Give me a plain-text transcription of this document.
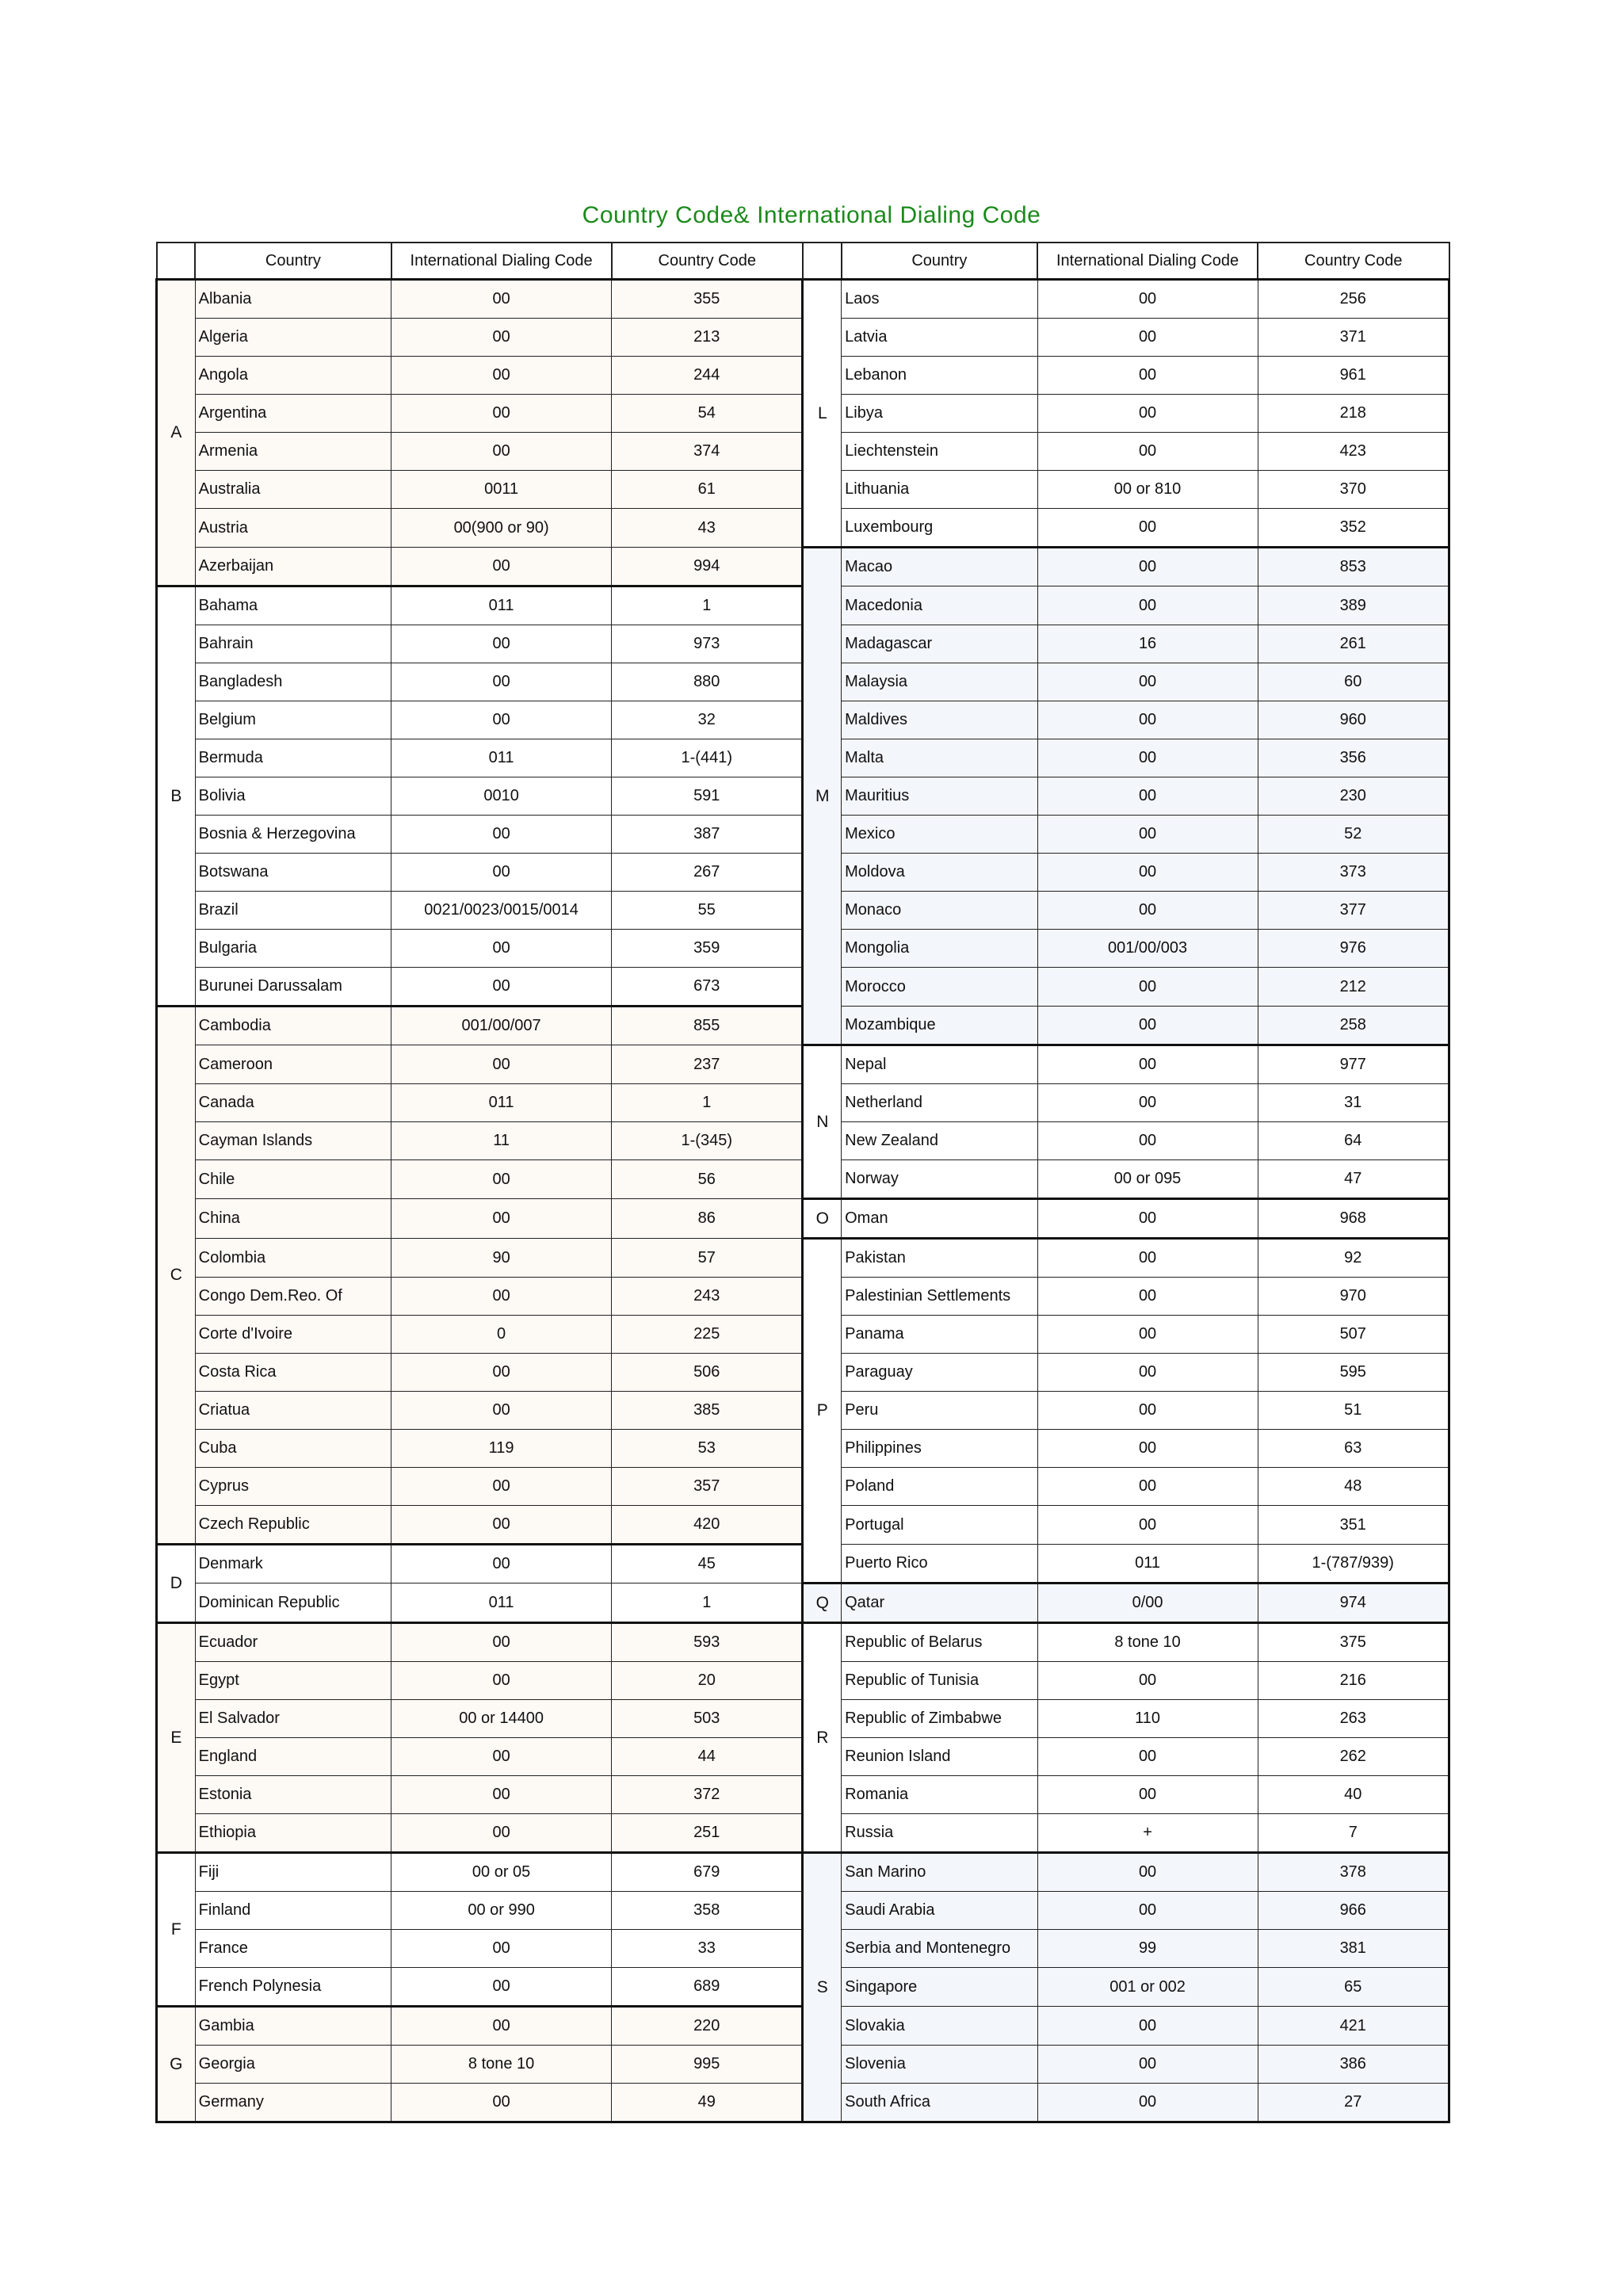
Country Code& International Dialing Code
	Country	International Dialing Code	Country Code		Country	International Dialing Code	Country Code
A	Albania	00	355	L	Laos	00	256
	Algeria	00	213		Latvia	00	371
	Angola	00	244		Lebanon	00	961
	Argentina	00	54		Libya	00	218
	Armenia	00	374		Liechtenstein	00	423
	Australia	0011	61		Lithuania	00 or 810	370
	Austria	00(900 or 90)	43		Luxembourg	00	352
	Azerbaijan	00	994	M	Macao	00	853
B	Bahama	011	1		Macedonia	00	389
	Bahrain	00	973		Madagascar	16	261
	Bangladesh	00	880		Malaysia	00	60
	Belgium	00	32		Maldives	00	960
	Bermuda	011	1-(441)		Malta	00	356
	Bolivia	0010	591		Mauritius	00	230
	Bosnia & Herzegovina	00	387		Mexico	00	52
	Botswana	00	267		Moldova	00	373
	Brazil	0021/0023/0015/0014	55		Monaco	00	377
	Bulgaria	00	359		Mongolia	001/00/003	976
	Burunei Darussalam	00	673		Morocco	00	212
C	Cambodia	001/00/007	855		Mozambique	00	258
	Cameroon	00	237	N	Nepal	00	977
	Canada	011	1		Netherland	00	31
	Cayman Islands	11	1-(345)		New Zealand	00	64
	Chile	00	56		Norway	00 or 095	47
	China	00	86	O	Oman	00	968
	Colombia	90	57	P	Pakistan	00	92
	Congo Dem.Reo. Of	00	243		Palestinian Settlements	00	970
	Corte d'Ivoire	0	225		Panama	00	507
	Costa Rica	00	506		Paraguay	00	595
	Criatua	00	385		Peru	00	51
	Cuba	119	53		Philippines	00	63
	Cyprus	00	357		Poland	00	48
	Czech Republic	00	420		Portugal	00	351
D	Denmark	00	45		Puerto Rico	011	1-(787/939)
	Dominican Republic	011	1	Q	Qatar	0/00	974
E	Ecuador	00	593	R	Republic of Belarus	8 tone 10	375
	Egypt	00	20		Republic of Tunisia	00	216
	El Salvador	00 or 14400	503		Republic of Zimbabwe	110	263
	England	00	44		Reunion Island	00	262
	Estonia	00	372		Romania	00	40
	Ethiopia	00	251		Russia	+	7
F	Fiji	00 or 05	679	S	San Marino	00	378
	Finland	00 or 990	358		Saudi Arabia	00	966
	France	00	33		Serbia and Montenegro	99	381
	French Polynesia	00	689		Singapore	001 or 002	65
G	Gambia	00	220		Slovakia	00	421
	Georgia	8 tone 10	995		Slovenia	00	386
	Germany	00	49		South Africa	00	27
